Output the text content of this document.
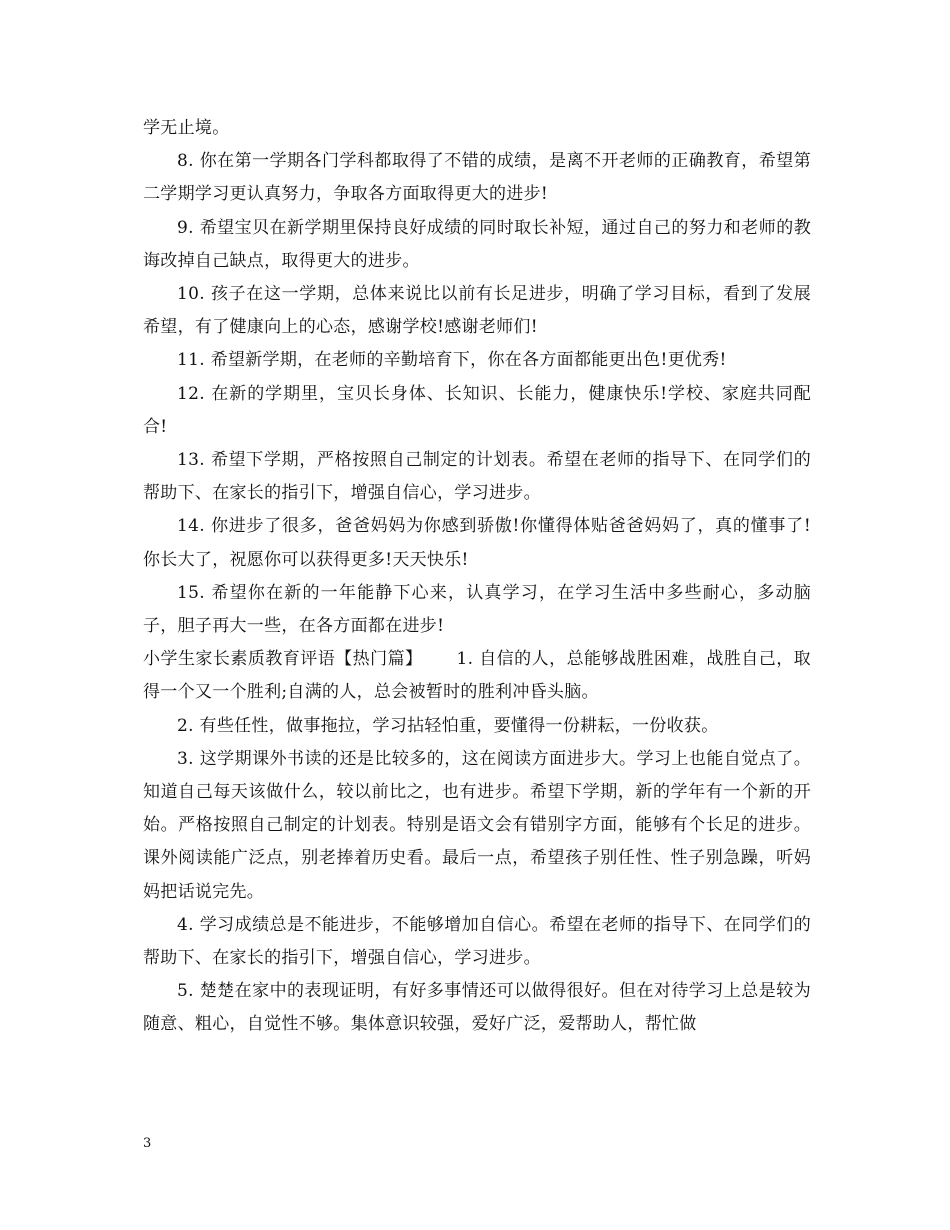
学无止境。

8. 你在第一学期各门学科都取得了不错的成绩，是离不开老师的正确教育，希望第二学期学习更认真努力，争取各方面取得更大的进步!

9. 希望宝贝在新学期里保持良好成绩的同时取长补短，通过自己的努力和老师的教诲改掉自己缺点，取得更大的进步。

10. 孩子在这一学期，总体来说比以前有长足进步，明确了学习目标，看到了发展希望，有了健康向上的心态，感谢学校!感谢老师们!

11. 希望新学期，在老师的辛勤培育下，你在各方面都能更出色!更优秀!

12. 在新的学期里，宝贝长身体、长知识、长能力，健康快乐!学校、家庭共同配合!

13. 希望下学期，严格按照自己制定的计划表。希望在老师的指导下、在同学们的帮助下、在家长的指引下，增强自信心，学习进步。

14. 你进步了很多，爸爸妈妈为你感到骄傲!你懂得体贴爸爸妈妈了，真的懂事了!你长大了，祝愿你可以获得更多!天天快乐!

15. 希望你在新的一年能静下心来，认真学习，在学习生活中多些耐心，多动脑子，胆子再大一些，在各方面都在进步!

小学生家长素质教育评语【热门篇】 1. 自信的人，总能够战胜困难，战胜自己，取得一个又一个胜利;自满的人，总会被暂时的胜利冲昏头脑。

2. 有些任性，做事拖拉，学习拈轻怕重，要懂得一份耕耘，一份收获。

3. 这学期课外书读的还是比较多的，这在阅读方面进步大。学习上也能自觉点了。知道自己每天该做什么，较以前比之，也有进步。希望下学期，新的学年有一个新的开始。严格按照自己制定的计划表。特别是语文会有错别字方面，能够有个长足的进步。课外阅读能广泛点，别老捧着历史看。最后一点，希望孩子别任性、性子别急躁，听妈妈把话说完先。

4. 学习成绩总是不能进步，不能够增加自信心。希望在老师的指导下、在同学们的帮助下、在家长的指引下，增强自信心，学习进步。

5. 楚楚在家中的表现证明，有好多事情还可以做得很好。但在对待学习上总是较为随意、粗心，自觉性不够。集体意识较强，爱好广泛，爱帮助人，帮忙做

3
